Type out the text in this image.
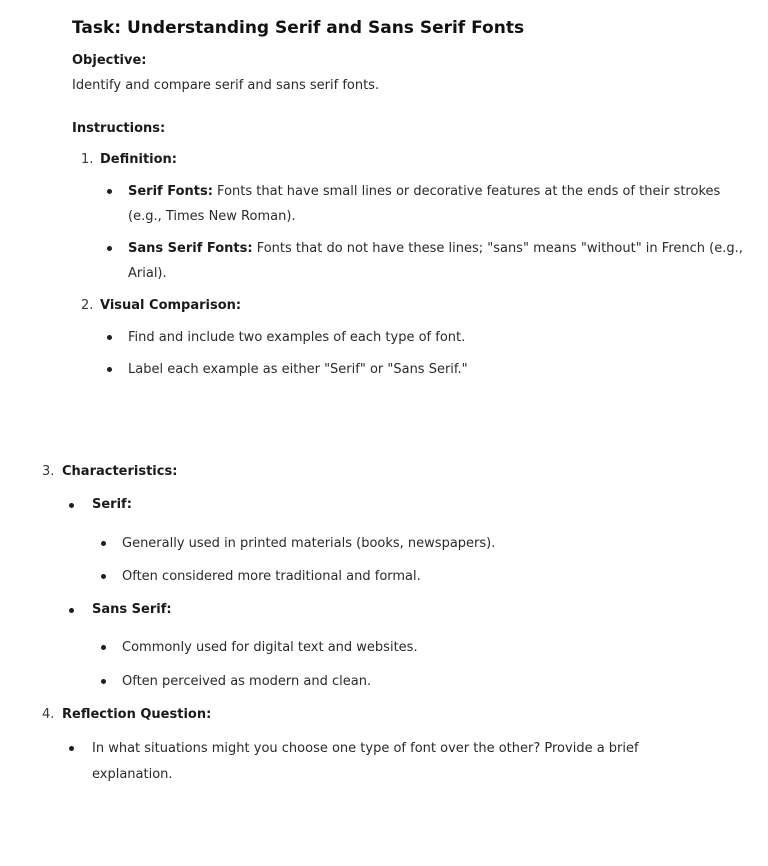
Task: Understanding Serif and Sans Serif Fonts
Objective:
Identify and compare serif and sans serif fonts.
Instructions:
1. Definition:
Serif Fonts: Fonts that have small lines or decorative features at the ends of their strokes
(e.g., Times New Roman).
Sans Serif Fonts: Fonts that do not have these lines; "sans" means "without" in French (e.g.,
Arial).
2. Visual Comparison:
Find and include two examples of each type of font.
Label each example as either "Serif" or "Sans Serif."
3. Characteristics:
Serif:
Generally used in printed materials (books, newspapers).
Often considered more traditional and formal.
Sans Serif:
Commonly used for digital text and websites.
Often perceived as modern and clean.
4. Reflection Question:
In what situations might you choose one type of font over the other? Provide a brief
explanation.
